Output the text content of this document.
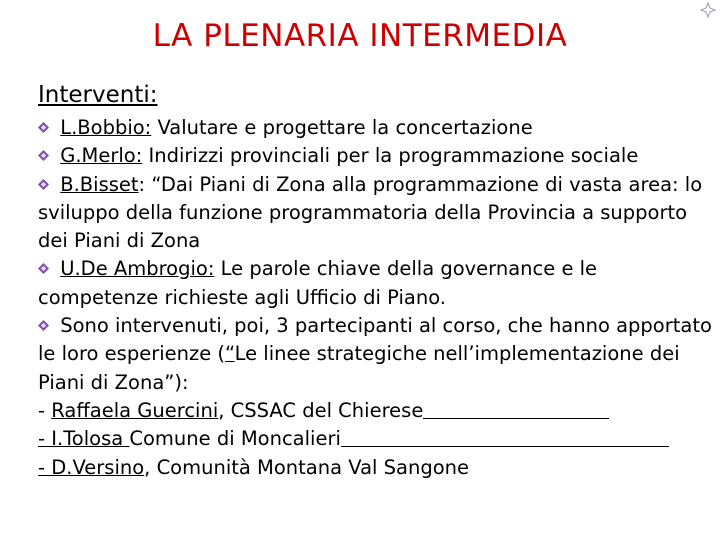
LA PLENARIA INTERMEDIA
Interventi:

L.Bobbio: Valutare e progettare la concertazione

G.Merlo: Indirizzi provinciali per la programmazione sociale

B.Bisset: “Dai Piani di Zona alla programmazione di vasta area: lo sviluppo della funzione programmatoria della Provincia a supporto dei Piani di Zona

U.De Ambrogio: Le parole chiave della governance e le competenze richieste agli Ufficio di Piano.

Sono intervenuti, poi, 3 partecipanti al corso, che hanno apportato le loro esperienze (“Le linee strategiche nell’implementazione dei Piani di Zona”):

- Raffaela Guercini, CSSAC del Chierese

- I.Tolosa Comune di Moncalieri

- D.Versino, Comunità Montana Val Sangone
